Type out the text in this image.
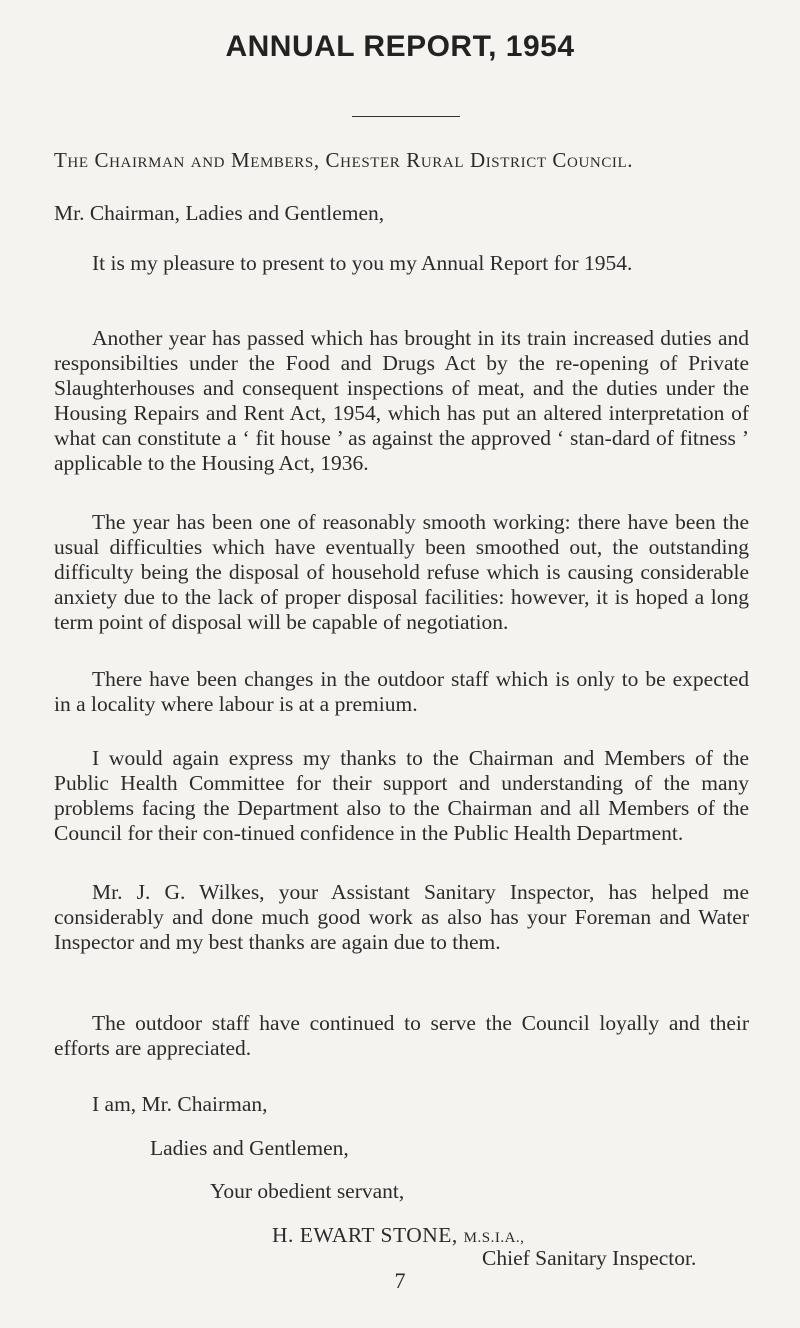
ANNUAL REPORT, 1954
The Chairman and Members, Chester Rural District Council.
Mr. Chairman, Ladies and Gentlemen,

It is my pleasure to present to you my Annual Report for 1954.

Another year has passed which has brought in its train increased duties and responsibilties under the Food and Drugs Act by the re-opening of Private Slaughterhouses and consequent inspections of meat, and the duties under the Housing Repairs and Rent Act, 1954, which has put an altered interpretation of what can constitute a ‘ fit house ’ as against the approved ‘ stan-dard of fitness ’ applicable to the Housing Act, 1936.

The year has been one of reasonably smooth working: there have been the usual difficulties which have eventually been smoothed out, the outstanding difficulty being the disposal of household refuse which is causing considerable anxiety due to the lack of proper disposal facilities: however, it is hoped a long term point of disposal will be capable of negotiation.

There have been changes in the outdoor staff which is only to be expected in a locality where labour is at a premium.

I would again express my thanks to the Chairman and Members of the Public Health Committee for their support and understanding of the many problems facing the Department also to the Chairman and all Members of the Council for their con-tinued confidence in the Public Health Department.

Mr. J. G. Wilkes, your Assistant Sanitary Inspector, has helped me considerably and done much good work as also has your Foreman and Water Inspector and my best thanks are again due to them.

The outdoor staff have continued to serve the Council loyally and their efforts are appreciated.

I am, Mr. Chairman,
Ladies and Gentlemen,
Your obedient servant,
H. EWART STONE, M.S.I.A.,
Chief Sanitary Inspector.
7
